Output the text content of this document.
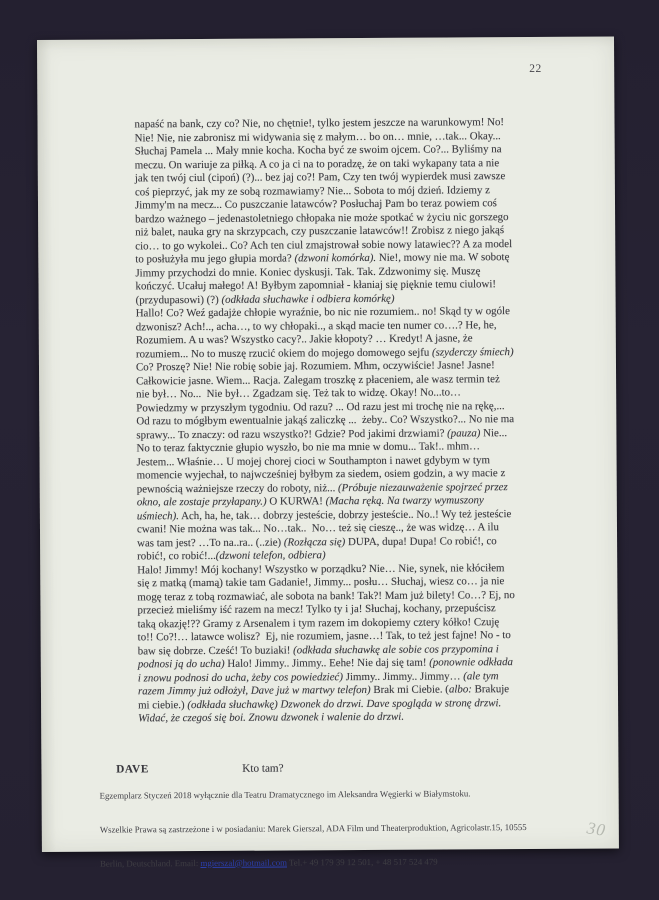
22
napaść na bank, czy co? Nie, no chętnie!, tylko jestem jeszcze na warunkowym! No!
Nie! Nie, nie zabronisz mi widywania się z małym… bo on… mnie, …tak... Okay...
Słuchaj Pamela ... Mały mnie kocha. Kocha być ze swoim ojcem. Co?... Byliśmy na
meczu. On wariuje za piłką. A co ja ci na to poradzę, że on taki wykapany tata a nie
jak ten twój ciul (cipoń) (?)... bez jaj co?! Pam, Czy ten twój wypierdek musi zawsze
coś pieprzyć, jak my ze sobą rozmawiamy? Nie... Sobota to mój dzień. Idziemy z
Jimmy'm na mecz... Co puszczanie latawców? Posłuchaj Pam bo teraz powiem coś
bardzo ważnego – jedenastoletniego chłopaka nie może spotkać w życiu nic gorszego
niż balet, nauka gry na skrzypcach, czy puszczanie latawców!! Zrobisz z niego jakąś
cio… to go wykolei.. Co? Ach ten ciul zmajstrował sobie nowy latawiec?? A za model
to posłużyła mu jego głupia morda? (dzwoni komórka). Nie!, mowy nie ma. W sobotę
Jimmy przychodzi do mnie. Koniec dyskusji. Tak. Tak. Zdzwonimy się. Muszę
kończyć. Ucałuj małego! A! Byłbym zapomniał - kłaniaj się pięknie temu ciulowi!
(przydupasowi) (?) (odkłada słuchawke i odbiera komórkę)
Hallo! Co? Weź gadajże chłopie wyraźnie, bo nic nie rozumiem.. no! Skąd ty w ogóle
dzwonisz? Ach!.., acha…, to wy chłopaki.., a skąd macie ten numer co….? He, he,
Rozumiem. A u was? Wszystko cacy?.. Jakie kłopoty? … Kredyt! A jasne, że
rozumiem... No to muszę rzucić okiem do mojego domowego sejfu (szyderczy śmiech)
Co? Proszę? Nie! Nie robię sobie jaj. Rozumiem. Mhm, oczywiście! Jasne! Jasne!
Całkowicie jasne. Wiem... Racja. Zalegam troszkę z płaceniem, ale wasz termin też
nie był… No...  Nie był… Zgadzam się. Też tak to widzę. Okay! No...to…
Powiedzmy w przyszłym tygodniu. Od razu? ... Od razu jest mi trochę nie na rękę,...
Od razu to mógłbym ewentualnie jakąś zaliczkę ...  żeby.. Co? Wszystko?... No nie ma
sprawy... To znaczy: od razu wszystko?! Gdzie? Pod jakimi drzwiami? (pauza) Nie...
No to teraz faktycznie głupio wyszło, bo nie ma mnie w domu... Tak!.. mhm…
Jestem... Właśnie… U mojej chorej cioci w Southampton i nawet gdybym w tym
momencie wyjechał, to najwcześniej byłbym za siedem, osiem godzin, a wy macie z
pewnością ważniejsze rzeczy do roboty, niż... (Próbuje niezauważenie spojrzeć przez
okno, ale zostaje przyłapany.) O KURWA! (Macha ręką. Na twarzy wymuszony
uśmiech). Ach, ha, he, tak… dobrzy jesteście, dobrzy jesteście.. No..! Wy też jesteście
cwani! Nie można was tak... No…tak..  No… też się cieszę.., że was widzę… A ilu
was tam jest? …To na..ra.. (..zie) (Rozłącza się) DUPA, dupa! Dupa! Co robić!, co
robić!, co robić!...(dzwoni telefon, odbiera)
Halo! Jimmy! Mój kochany! Wszystko w porządku? Nie… Nie, synek, nie kłóciłem
się z matką (mamą) takie tam Gadanie!, Jimmy... posłu… Słuchaj, wiesz co… ja nie
mogę teraz z tobą rozmawiać, ale sobota na bank! Tak?! Mam już bilety! Co…? Ej, no
przecież mieliśmy iść razem na mecz! Tylko ty i ja! Słuchaj, kochany, przepuścisz
taką okazję!?? Gramy z Arsenalem i tym razem im dokopiemy cztery kółko! Czuję
to!! Co?!… latawce wolisz?  Ej, nie rozumiem, jasne…! Tak, to też jest fajne! No - to
baw się dobrze. Cześć! To buziaki! (odkłada słuchawkę ale sobie cos przypomina i
podnosi ją do ucha) Halo! Jimmy.. Jimmy.. Eehe! Nie daj się tam! (ponownie odkłada
i znowu podnosi do ucha, żeby cos powiedzieć) Jimmy.. Jimmy.. Jimmy… (ale tym
razem Jimmy już odłożył, Dave już w martwy telefon) Brak mi Ciebie. (albo: Brakuje
mi ciebie.) (odkłada słuchawkę) Dzwonek do drzwi. Dave spogląda w stronę drzwi.
Widać, że czegoś się boi. Znowu dzwonek i walenie do drzwi.

DAVE	Kto tam?

Egzemplarz Styczeń 2018 wyłącznie dla Teatru Dramatycznego im Aleksandra Węgierki w Białymstoku.

Wszelkie Prawa są zastrzeżone i w posiadaniu: Marek Gierszal, ADA Film und Theaterproduktion, Agricolastr.15, 10555

Berlin, Deutschland. Email: mgierszal@hotmail.com Tel.+ 49 179 39 12 501, + 48 517 524 479

30
